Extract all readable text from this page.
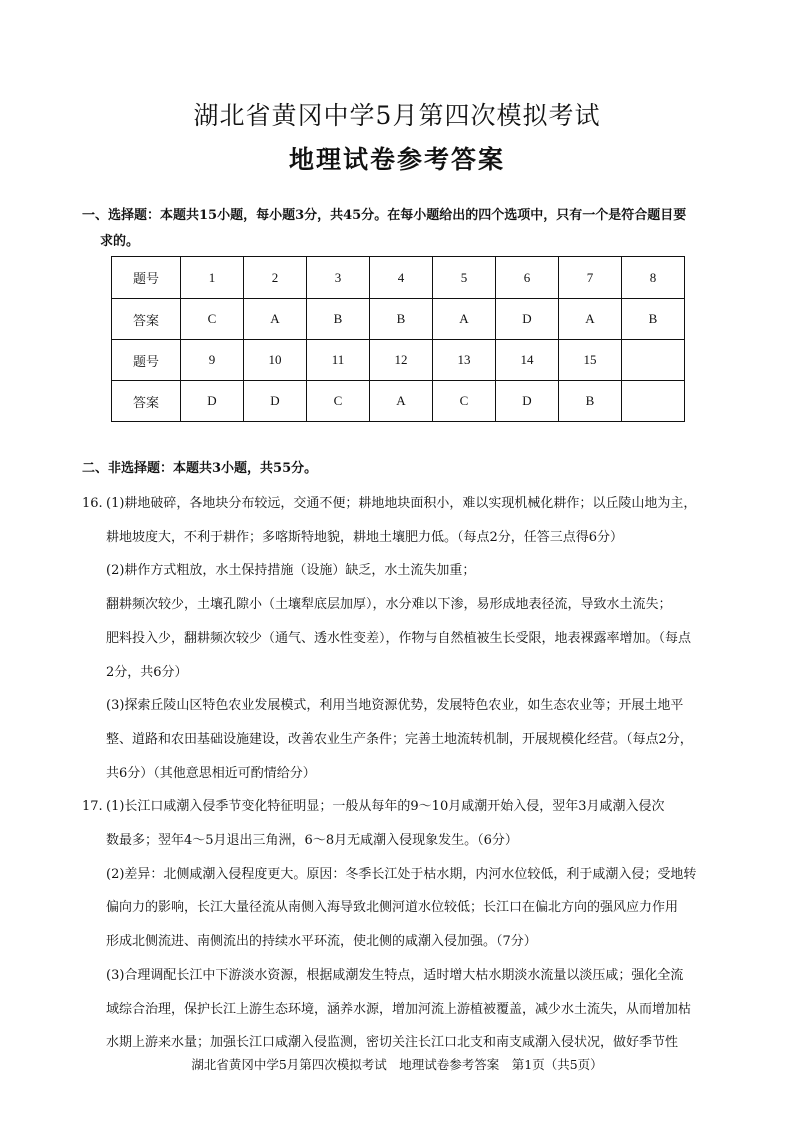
湖北省黄冈中学5月第四次模拟考试
地理试卷参考答案
一、选择题：本题共15小题，每小题3分，共45分。在每小题给出的四个选项中，只有一个是符合题目要
求的。
题号	1	2	3	4	5	6	7	8
答案	C	A	B	B	A	D	A	B
题号	9	10	11	12	13	14	15	
答案	D	D	C	A	C	D	B	
二、非选择题：本题共3小题，共55分。
16. (1)耕地破碎，各地块分布较远，交通不便；耕地地块面积小，难以实现机械化耕作；以丘陵山地为主，
耕地坡度大，不利于耕作；多喀斯特地貌，耕地土壤肥力低。（每点2分，任答三点得6分）
(2)耕作方式粗放，水土保持措施（设施）缺乏，水土流失加重；
翻耕频次较少，土壤孔隙小（土壤犁底层加厚），水分难以下渗，易形成地表径流，导致水土流失；
肥料投入少，翻耕频次较少（通气、透水性变差），作物与自然植被生长受限，地表裸露率增加。（每点
2分，共6分）
(3)探索丘陵山区特色农业发展模式，利用当地资源优势，发展特色农业，如生态农业等；开展土地平
整、道路和农田基础设施建设，改善农业生产条件；完善土地流转机制，开展规模化经营。（每点2分，
共6分）（其他意思相近可酌情给分）
17. (1)长江口咸潮入侵季节变化特征明显；一般从每年的9～10月咸潮开始入侵，翌年3月咸潮入侵次
数最多；翌年4～5月退出三角洲，6～8月无咸潮入侵现象发生。（6分）
(2)差异：北侧咸潮入侵程度更大。原因：冬季长江处于枯水期，内河水位较低，利于咸潮入侵；受地转
偏向力的影响，长江大量径流从南侧入海导致北侧河道水位较低；长江口在偏北方向的强风应力作用
形成北侧流进、南侧流出的持续水平环流，使北侧的咸潮入侵加强。（7分）
(3)合理调配长江中下游淡水资源，根据咸潮发生特点，适时增大枯水期淡水流量以淡压咸；强化全流
域综合治理，保护长江上游生态环境，涵养水源，增加河流上游植被覆盖，减少水土流失，从而增加枯
水期上游来水量；加强长江口咸潮入侵监测，密切关注长江口北支和南支咸潮入侵状况，做好季节性
湖北省黄冈中学5月第四次模拟考试　地理试卷参考答案　第1页（共5页）
